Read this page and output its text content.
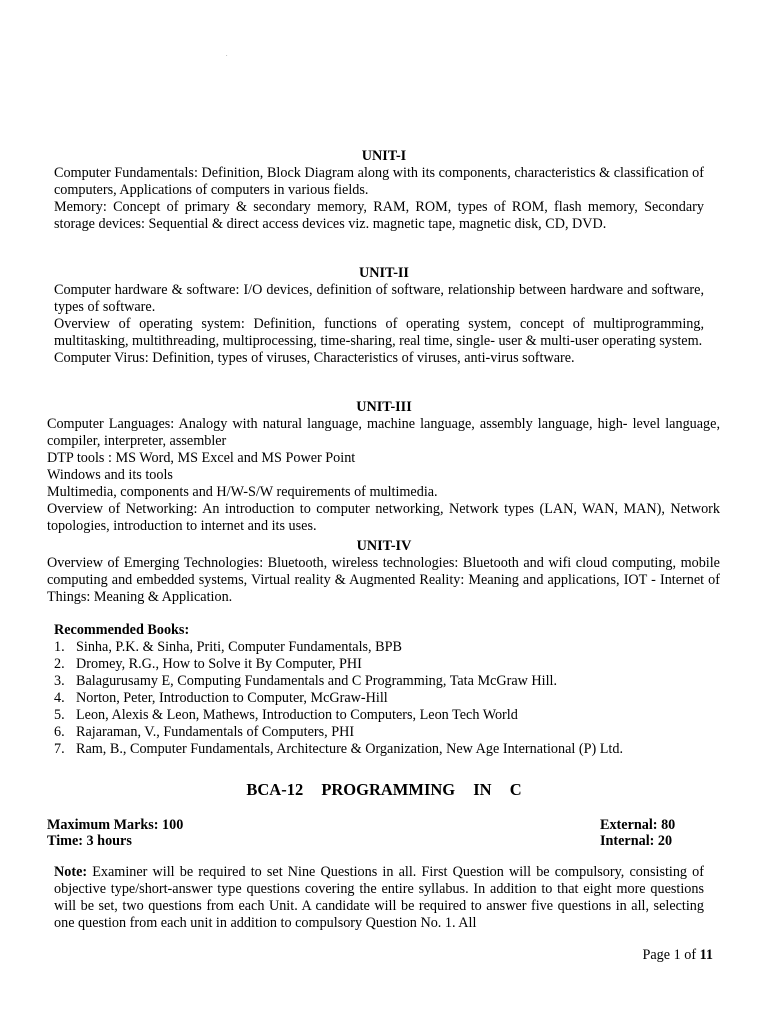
.
UNIT-I

Computer Fundamentals: Definition, Block Diagram along with its components, characteristics & classification of computers, Applications of computers in various fields.

Memory: Concept of primary & secondary memory, RAM, ROM, types of ROM, flash memory, Secondary storage devices: Sequential & direct access devices viz. magnetic tape, magnetic disk, CD, DVD.

UNIT-II

Computer hardware & software: I/O devices, definition of software, relationship between hardware and software, types of software.

Overview of operating system: Definition, functions of operating system, concept of multiprogramming, multitasking, multithreading, multiprocessing, time-sharing, real time, single- user & multi-user operating system.

Computer Virus: Definition, types of viruses, Characteristics of viruses, anti-virus software.

UNIT-III

Computer Languages: Analogy with natural language, machine language, assembly language, high- level language, compiler, interpreter, assembler

DTP tools : MS Word, MS Excel and MS Power Point

Windows and its tools

Multimedia, components and H/W-S/W requirements of multimedia.

Overview of Networking: An introduction to computer networking, Network types (LAN, WAN, MAN), Network topologies, introduction to internet and its uses.

UNIT-IV

Overview of Emerging Technologies: Bluetooth, wireless technologies: Bluetooth and wifi cloud computing, mobile computing and embedded systems, Virtual reality & Augmented Reality: Meaning and applications, IOT - Internet of Things: Meaning & Application.

Recommended Books:
1. Sinha, P.K. & Sinha, Priti, Computer Fundamentals, BPB
2. Dromey, R.G., How to Solve it By Computer, PHI
3. Balagurusamy E, Computing Fundamentals and C Programming, Tata McGraw Hill.
4. Norton, Peter, Introduction to Computer, McGraw-Hill
5. Leon, Alexis & Leon, Mathews, Introduction to Computers, Leon Tech World
6. Rajaraman, V., Fundamentals of Computers, PHI
7. Ram, B., Computer Fundamentals, Architecture & Organization, New Age International (P) Ltd.
BCA-12 PROGRAMMING IN C
Maximum Marks: 100
Time: 3 hours
External: 80
Internal: 20

Note: Examiner will be required to set Nine Questions in all. First Question will be compulsory, consisting of objective type/short-answer type questions covering the entire syllabus. In addition to that eight more questions will be set, two questions from each Unit. A candidate will be required to answer five questions in all, selecting one question from each unit in addition to compulsory Question No. 1. All

Page 1 of 11
